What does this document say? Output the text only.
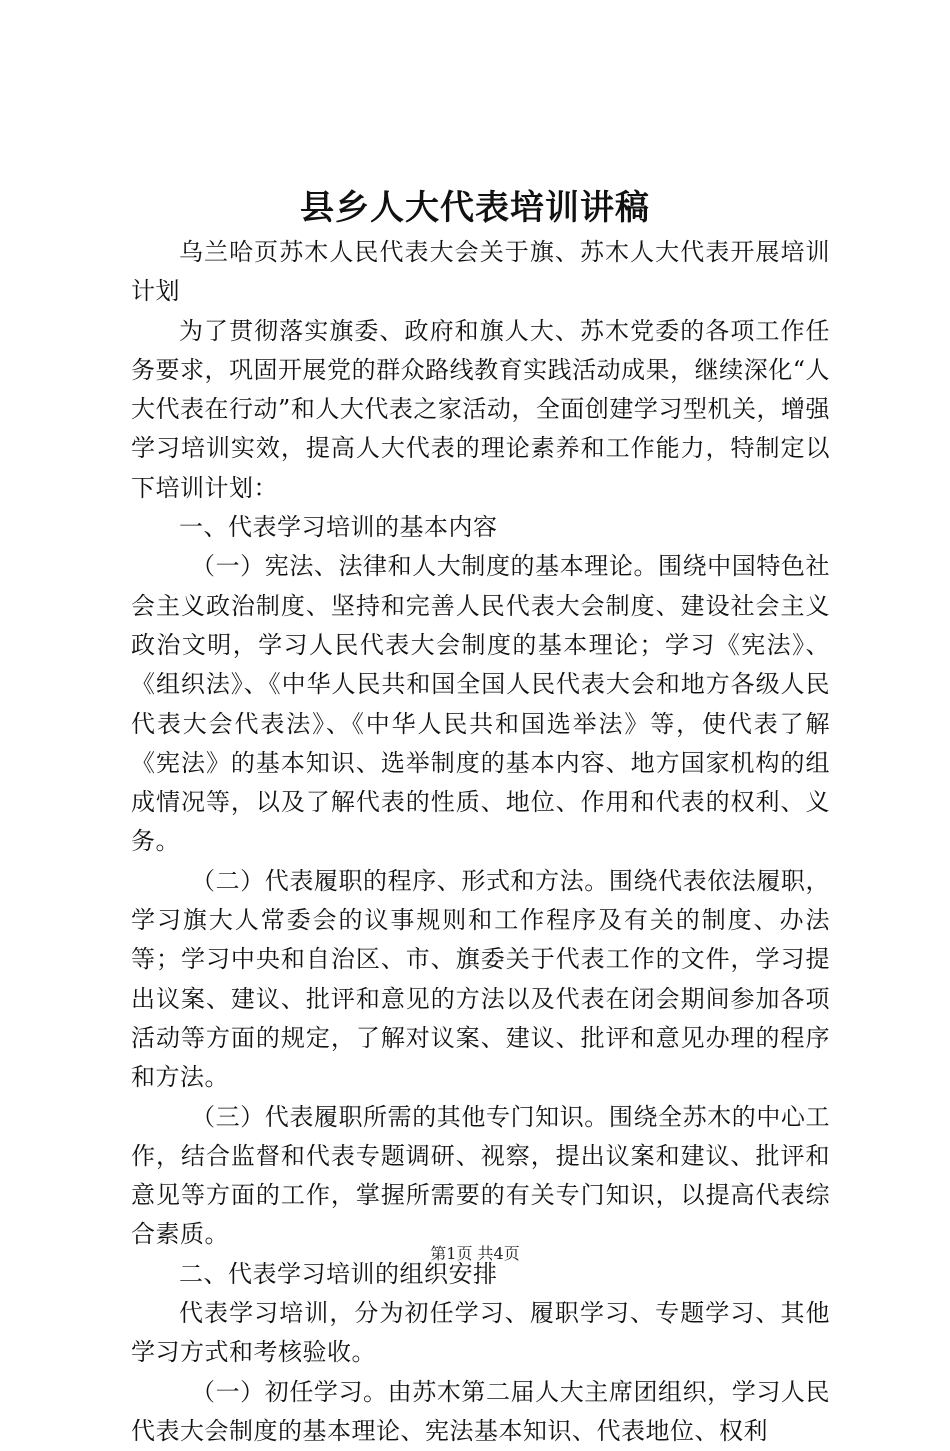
县乡人大代表培训讲稿

乌兰哈页苏木人民代表大会关于旗、苏木人大代表开展培训计划

为了贯彻落实旗委、政府和旗人大、苏木党委的各项工作任务要求，巩固开展党的群众路线教育实践活动成果，继续深化“人大代表在行动”和人大代表之家活动，全面创建学习型机关，增强学习培训实效，提高人大代表的理论素养和工作能力，特制定以下培训计划：

一、代表学习培训的基本内容

（一）宪法、法律和人大制度的基本理论。围绕中国特色社会主义政治制度、坚持和完善人民代表大会制度、建设社会主义政治文明，学习人民代表大会制度的基本理论；学习《宪法》、《组织法》、《中华人民共和国全国人民代表大会和地方各级人民代表大会代表法》、《中华人民共和国选举法》等，使代表了解《宪法》的基本知识、选举制度的基本内容、地方国家机构的组成情况等，以及了解代表的性质、地位、作用和代表的权利、义务。

（二）代表履职的程序、形式和方法。围绕代表依法履职，学习旗大人常委会的议事规则和工作程序及有关的制度、办法等；学习中央和自治区、市、旗委关于代表工作的文件，学习提出议案、建议、批评和意见的方法以及代表在闭会期间参加各项活动等方面的规定，了解对议案、建议、批评和意见办理的程序和方法。

（三）代表履职所需的其他专门知识。围绕全苏木的中心工作，结合监督和代表专题调研、视察，提出议案和建议、批评和意见等方面的工作，掌握所需要的有关专门知识，以提高代表综合素质。

二、代表学习培训的组织安排

代表学习培训，分为初任学习、履职学习、专题学习、其他学习方式和考核验收。

（一）初任学习。由苏木第二届人大主席团组织，学习人民代表大会制度的基本理论、宪法基本知识、代表地位、权利

第1页 共4页
